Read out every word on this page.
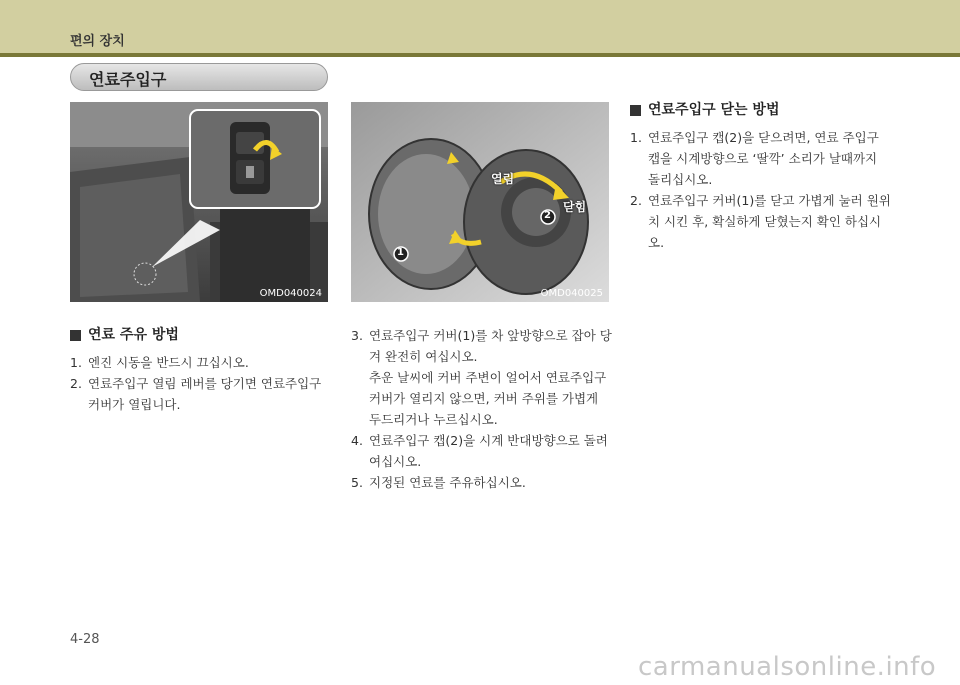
편의 장치
연료주입구
OMD040024
열림
닫힘
1
2
OMD040025
연료 주유 방법
1. 엔진 시동을 반드시 끄십시오.
2. 연료주입구 열림 레버를 당기면 연료주입구 커버가 열립니다.
3. 연료주입구 커버(1)를 차 앞방향으로 잡아 당겨 완전히 여십시오.
추운 날씨에 커버 주변이 얼어서 연료주입구 커버가 열리지 않으면, 커버 주위를 가볍게 두드리거나 누르십시오.
4. 연료주입구 캡(2)을 시계 반대방향으로 돌려 여십시오.
5. 지정된 연료를 주유하십시오.
연료주입구 닫는 방법
1. 연료주입구 캡(2)을 닫으려면, 연료 주입구 캡을 시계방향으로 ‘딸깍’ 소리가 날때까지 돌리십시오.
2. 연료주입구 커버(1)를 닫고 가볍게 눌러 원위치 시킨 후, 확실하게 닫혔는지 확인 하십시오.
4-28
carmanualsonline.info
